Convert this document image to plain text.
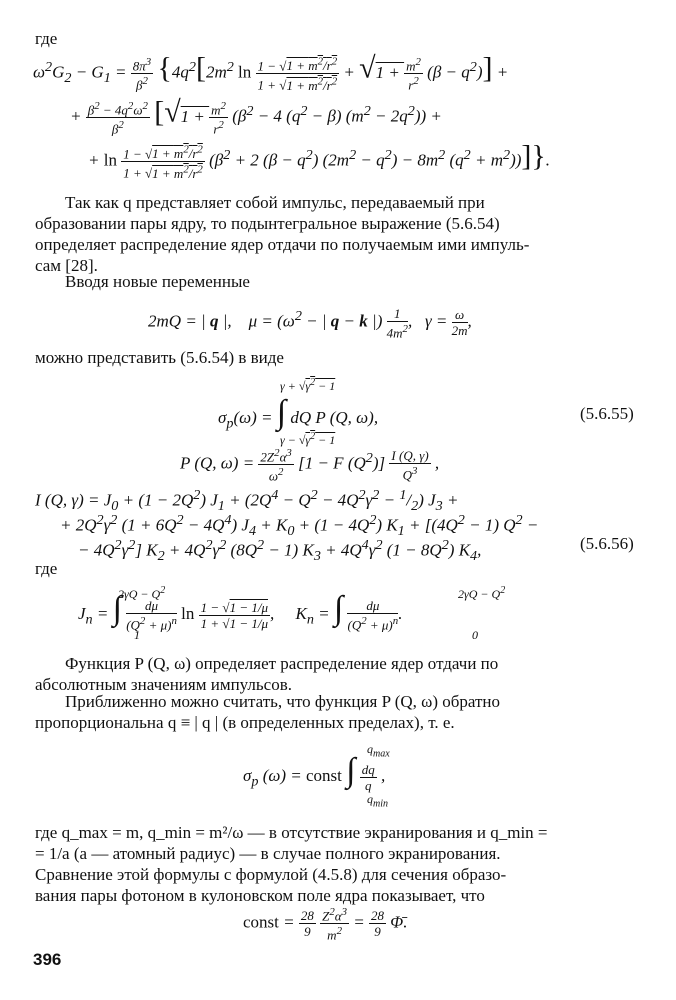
где
$\omega^2G_2 - G_1 = \frac{8\pi^3}{\beta^2} \{4q^2[2m^2$ $\ln \frac{1 - √1 + m^2/r^2}{1 + √1 + m^2/r^2} + √1 + \frac{m^2}{r^2} (\beta - q^2)$] +
+ $\frac{\beta^2 - 4q^2\omega^2}{\beta^2} [√1 + \frac{m^2}{r^2} (\beta^2 - 4$ $(q^2 - \beta) (m^2 - 2q^2)$) +
+ $\ln \frac{1 - √1 + m^2/r^2}{1 + √1 + m^2/r^2} (\beta^2 + 2$ $(\beta - q^2)$ $(2m^2 - q^2) - 8m^2$ $(q^2 + m^2)$)]}.
Так как q представляет собой импульс, передаваемый при
образовании пары ядру, то подынтегральное выражение (5.6.54)
определяет распределение ядер отдачи по получаемым ими импуль-
сам [28].
Вводя новые переменные
2mQ = | q |,    $\mu = (\omega^2$ − | q − k |) $\frac{1}{4m^2}$ ,   $\gamma = \frac{\omega}{2m}$ ,
можно представить (5.6.54) в виде
$\gamma + √\gamma^2 - 1$
$\sigma_p(\omega)$ = ∫ dQ P (Q, ω),
$\gamma - √\gamma^2 - 1$
(5.6.55)
P (Q, $\omega) = \frac{2Z^2\alpha^3}{\omega^2} [1 - F$ $(Q^2)] \frac{I (Q, \gamma)}{Q^3}$ ,
I (Q, $\gamma) = J_0 + (1 - 2Q^2) J_1 + (2Q^4 - Q^2 - 4Q^2\gamma^2 - ^1/_2) J_3$ +
+ $2Q^2\gamma^2$ $(1 + 6Q^2 - 4Q^4)$ $J_4 + K_0 + (1 - 4Q^2) K_1 + [(4Q^2 - 1) Q^2$ −
− $4Q^2\gamma^2$] $K_2 + 4Q^2\gamma^2$ $(8Q^2 - 1) K_3 + 4Q^4\gamma^2$ $(1 - 8Q^2)$ $K_4$,	(5.6.56)
где
$2\gamma Q - Q^2$
1
$J_n$ = ∫ $\frac{d\mu}{(Q^2 + \mu)^n}$ $\ln \frac{1 - √1 - 1/\mu}{1 + √1 - 1/\mu}$ ,     $K_n$ = ∫ $\frac{d\mu}{(Q^2 + \mu)^n}$ .
$2\gamma Q - Q^2$
0
Функция P (Q, ω) определяет распределение ядер отдачи по
абсолютным значениям импульсов.
Приближенно можно считать, что функция P (Q, ω) обратно
пропорциональна q ≡ | q | (в определенных пределах), т. е.
$q_{max}$
$\sigma_p$ (ω) = const ∫ $\frac{dq}{q}$ ,
$q_{min}$
где q_max = m, q_min = m²/ω — в отсутствие экранирования и q_min =
= 1/a (a — атомный радиус) — в случае полного экранирования.
Сравнение этой формулы с формулой (4.5.8) для сечения образо-
вания пары фотоном в кулоновском поле ядра показывает, что
const = $\frac{28}{9}$
$\frac{Z^2\alpha^3}{m^2} = \frac{28}{9}$ Φ̄.
396
